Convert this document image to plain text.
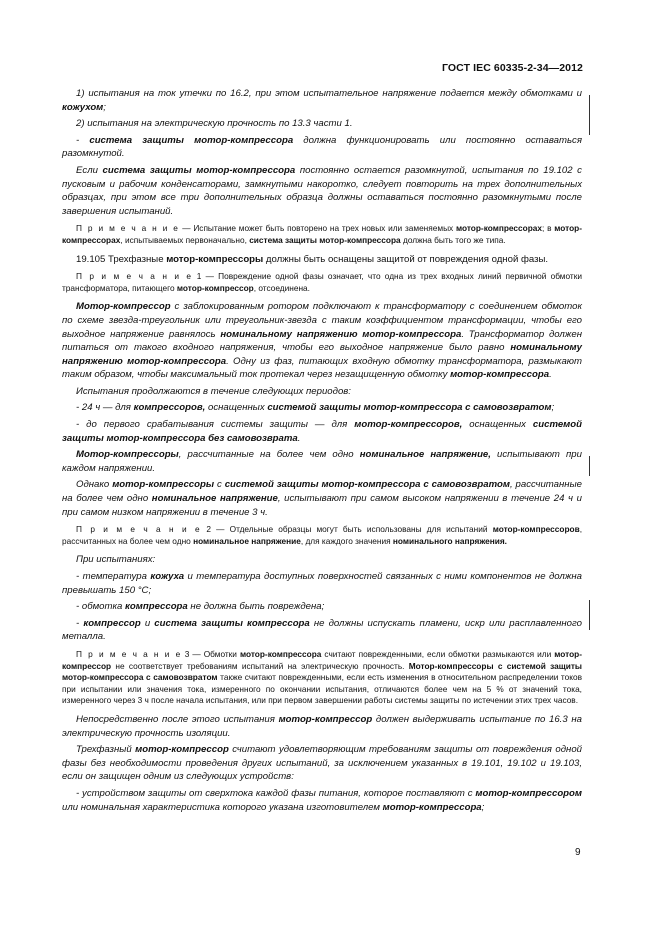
ГОСТ IEC 60335-2-34—2012

1) испытания на ток утечки по 16.2, при этом испытательное напряжение подается между обмотками и кожухом;

2) испытания на электрическую прочность по 13.3 части 1.

- система защиты мотор-компрессора должна функционировать или постоянно оставаться разомкнутой.

Если система защиты мотор-компрессора постоянно остается разомкнутой, испытания по 19.102 с пусковым и рабочим конденсаторами, замкнутыми накоротко, следует повторить на трех дополнительных образцах, при этом все три дополнительных образца должны оставаться постоянно разомкнутыми после завершения испытаний.

П р и м е ч а н и е — Испытание может быть повторено на трех новых или заменяемых мотор-компрессорах; в мотор-компрессорах, испытываемых первоначально, система защиты мотор-компрессора должна быть того же типа.

19.105 Трехфазные мотор-компрессоры должны быть оснащены защитой от повреждения одной фазы.

П р и м е ч а н и е 1 — Повреждение одной фазы означает, что одна из трех входных линий первичной обмотки трансформатора, питающего мотор-компрессор, отсоединена.

Мотор-компрессор с заблокированным ротором подключают к трансформатору с соединением обмоток по схеме звезда-треугольник или треугольник-звезда с таким коэффициентом трансформации, чтобы его выходное напряжение равнялось номинальному напряжению мотор-компрессора. Трансформатор должен питаться от такого входного напряжения, чтобы его выходное напряжение было равно номинальному напряжению мотор-компрессора. Одну из фаз, питающих входную обмотку трансформатора, размыкают таким образом, чтобы максимальный ток протекал через незащищенную обмотку мотор-компрессора.

Испытания продолжаются в течение следующих периодов:

- 24 ч — для компрессоров, оснащенных системой защиты мотор-компрессора с самовозвратом;

- до первого срабатывания системы защиты — для мотор-компрессоров, оснащенных системой защиты мотор-компрессора без самовозврата.

Мотор-компрессоры, рассчитанные на более чем одно номинальное напряжение, испытывают при каждом напряжении.

Однако мотор-компрессоры с системой защиты мотор-компрессора с самовозвратом, рассчитанные на более чем одно номинальное напряжение, испытывают при самом высоком напряжении в течение 24 ч и при самом низком напряжении в течение 3 ч.

П р и м е ч а н и е 2 — Отдельные образцы могут быть использованы для испытаний мотор-компрессоров, рассчитанных на более чем одно номинальное напряжение, для каждого значения номинального напряжения.

При испытаниях:

- температура кожуха и температура доступных поверхностей связанных с ними компонентов не должна превышать 150 °С;

- обмотка компрессора не должна быть повреждена;

- компрессор и система защиты компрессора не должны испускать пламени, искр или расплавленного металла.

П р и м е ч а н и е 3 — Обмотки мотор-компрессора считают поврежденными, если обмотки размыкаются или мотор-компрессор не соответствует требованиям испытаний на электрическую прочность. Мотор-компрессоры с системой защиты мотор-компрессора с самовозвратом также считают поврежденными, если есть изменения в относительном распределении токов при испытании или значения тока, измеренного по окончании испытания, отличаются более чем на 5 % от значений тока, измеренного через 3 ч после начала испытания, или при первом завершении работы системы защиты по истечении этих трех часов.

Непосредственно после этого испытания мотор-компрессор должен выдерживать испытание по 16.3 на электрическую прочность изоляции.

Трехфазный мотор-компрессор считают удовлетворяющим требованиям защиты от повреждения одной фазы без необходимости проведения других испытаний, за исключением указанных в 19.101, 19.102 и 19.103, если он защищен одним из следующих устройств:

- устройством защиты от сверхтока каждой фазы питания, которое поставляют с мотор-компрессором или номинальная характеристика которого указана изготовителем мотор-компрессора;

9
